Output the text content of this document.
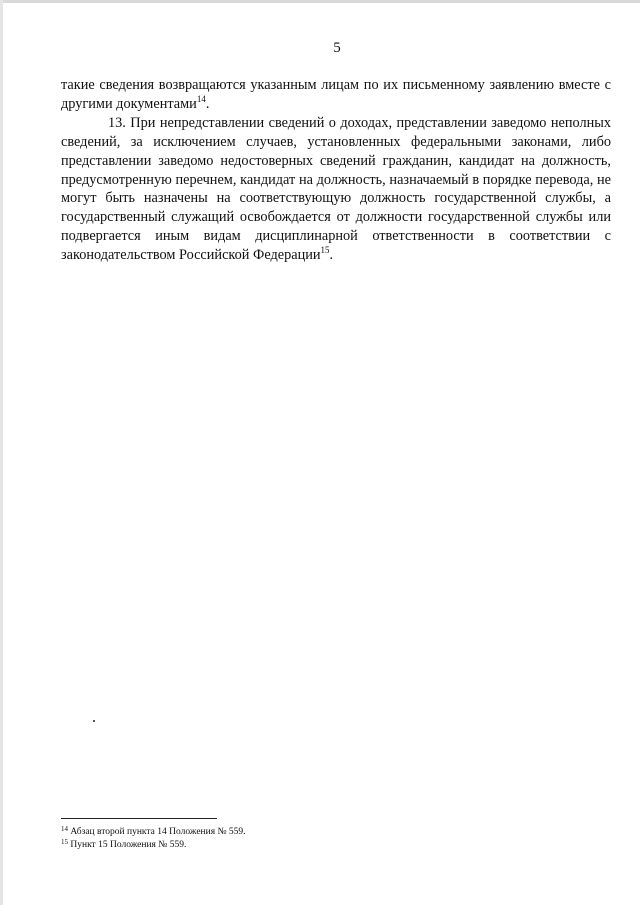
5

такие сведения возвращаются указанным лицам по их письменному заявлению вместе с другими документами$^{14}$.

13. При непредставлении сведений о доходах, представлении заведомо неполных сведений, за исключением случаев, установленных федеральными законами, либо представлении заведомо недостоверных сведений гражданин, кандидат на должность, предусмотренную перечнем, кандидат на должность, назначаемый в порядке перевода, не могут быть назначены на соответствующую должность государственной службы, а государственный служащий освобождается от должности государственной службы или подвергается иным видам дисциплинарной ответственности в соответствии с законодательством Российской Федерации$^{15}$.

$^{14}$ Абзац второй пункта 14 Положения № 559.

$^{15}$ Пункт 15 Положения № 559.
